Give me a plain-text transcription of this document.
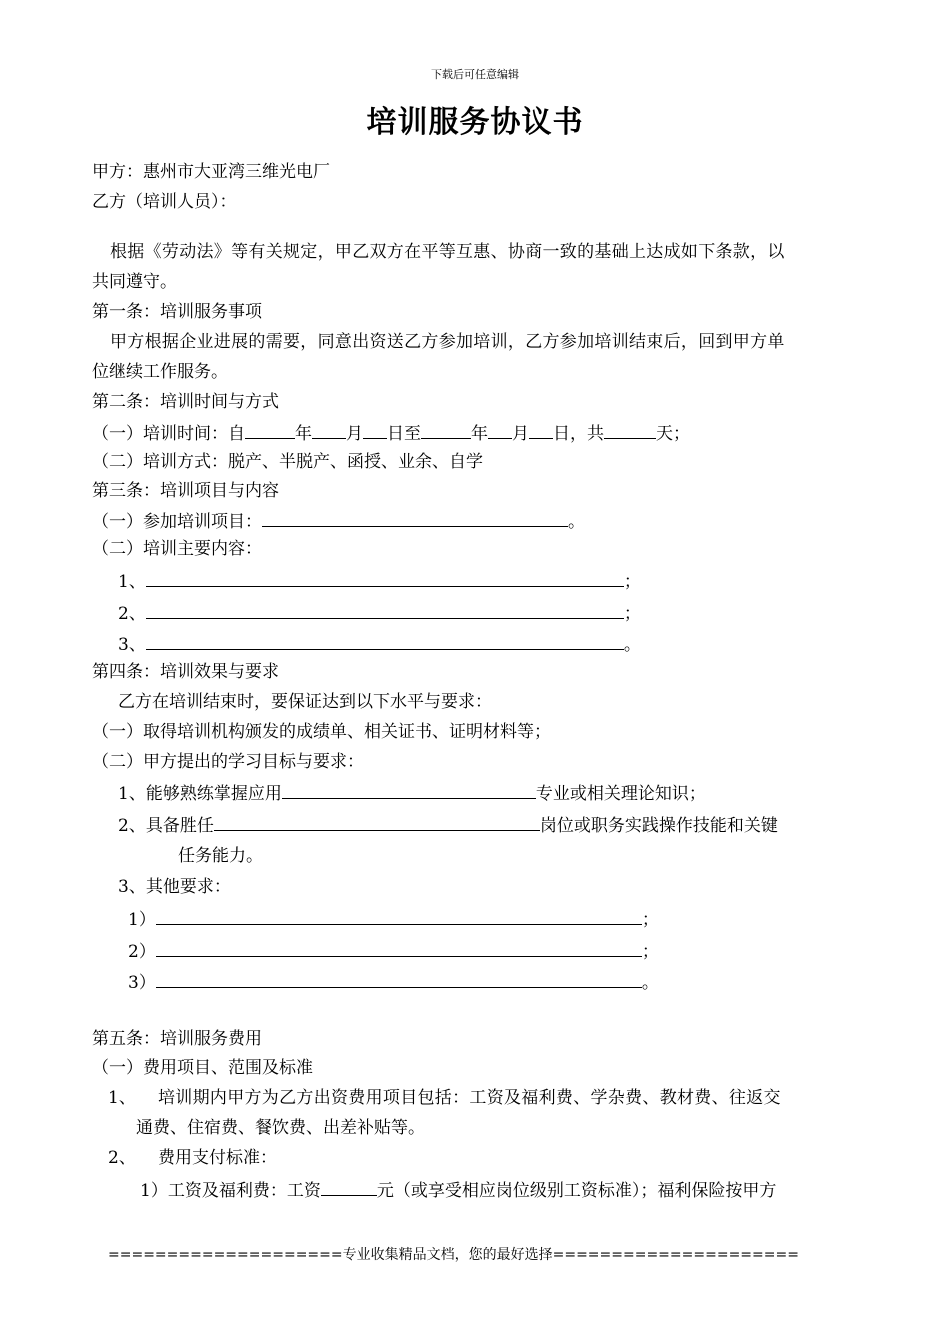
下载后可任意编辑
培训服务协议书
甲方：惠州市大亚湾三维光电厂
乙方（培训人员）：
根据《劳动法》等有关规定，甲乙双方在平等互惠、协商一致的基础上达成如下条款，以
共同遵守。
第一条：培训服务事项
甲方根据企业进展的需要，同意出资送乙方参加培训，乙方参加培训结束后，回到甲方单
位继续工作服务。
第二条：培训时间与方式
（一）培训时间：自	年 月 日至	年 月 日，共	天；
（二）培训方式：脱产、半脱产、函授、业余、自学
第三条：培训项目与内容
（一）参加培训项目：	。
（二）培训主要内容：
1、	；
2、	；
3、	。
第四条：培训效果与要求
乙方在培训结束时，要保证达到以下水平与要求：
（一）取得培训机构颁发的成绩单、相关证书、证明材料等；
（二）甲方提出的学习目标与要求：
1、能够熟练掌握应用	专业或相关理论知识；
2、具备胜任	岗位或职务实践操作技能和关键
任务能力。
3、其他要求：
1）	；
2）	；
3）	。
第五条：培训服务费用
（一）费用项目、范围及标准
1、 培训期内甲方为乙方出资费用项目包括：工资及福利费、学杂费、教材费、往返交
通费、住宿费、餐饮费、出差补贴等。
2、 费用支付标准：
1）工资及福利费：工资	元（或享受相应岗位级别工资标准）；福利保险按甲方
====================专业收集精品文档，您的最好选择=====================
